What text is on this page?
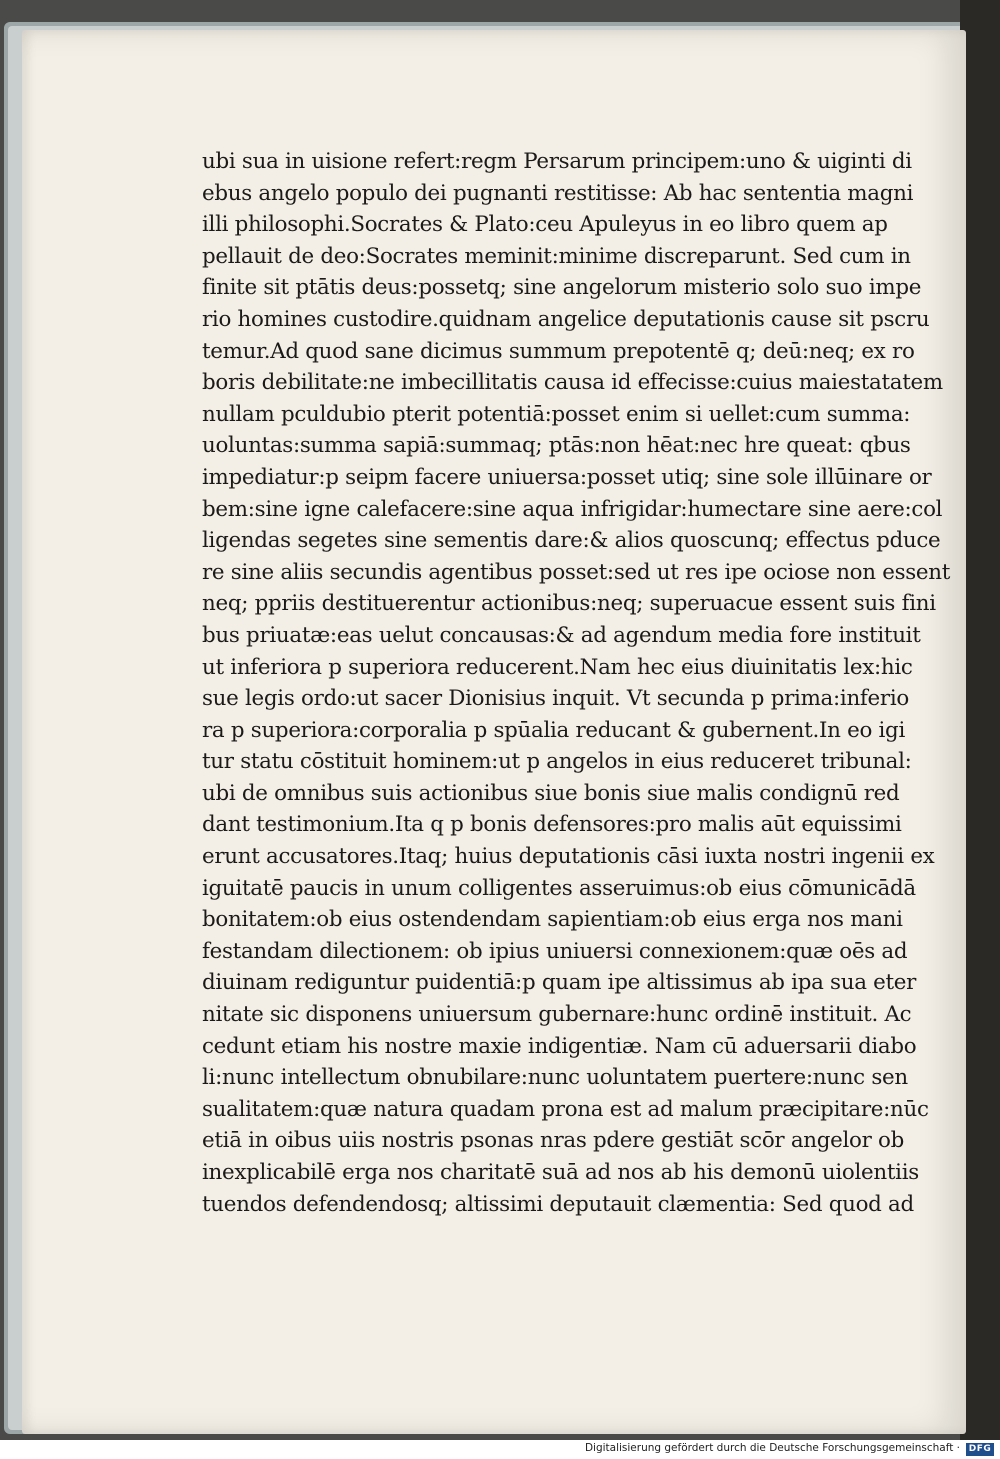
ubi sua in uisione refert:regm Persarum principem:uno & uiginti di
ebus angelo populo dei pugnanti restitisse: Ab hac sententia magni
illi philosophi.Socrates & Plato:ceu Apuleyus in eo libro quem ap
pellauit de deo:Socrates meminit:minime discreparunt. Sed cum in
finite sit ptātis deus:possetq; sine angelorum misterio solo suo impe
rio homines custodire.quidnam angelice deputationis cause sit pscru
temur.Ad quod sane dicimus summum prepotentē q; deū:neq; ex ro
boris debilitate:ne imbecillitatis causa id effecisse:cuius maiestatatem
nullam pculdubio pterit potentiā:posset enim si uellet:cum summa:
uoluntas:summa sapiā:summaq; ptās:non hēat:nec hre queat: qbus
impediatur:p seipm facere uniuersa:posset utiq; sine sole illūinare or
bem:sine igne calefacere:sine aqua infrigidar:humectare sine aere:col
ligendas segetes sine sementis dare:& alios quoscunq; effectus pduce
re sine aliis secundis agentibus posset:sed ut res ipe ociose non essent
neq; ppriis destituerentur actionibus:neq; superuacue essent suis fini
bus priuatæ:eas uelut concausas:& ad agendum media fore instituit
ut inferiora p superiora reducerent.Nam hec eius diuinitatis lex:hic
sue legis ordo:ut sacer Dionisius inquit. Vt secunda p prima:inferio
ra p superiora:corporalia p spūalia reducant & gubernent.In eo igi
tur statu cōstituit hominem:ut p angelos in eius reduceret tribunal:
ubi de omnibus suis actionibus siue bonis siue malis condignū red
dant testimonium.Ita q p bonis defensores:pro malis aūt equissimi
erunt accusatores.Itaq; huius deputationis cāsi iuxta nostri ingenii ex
iguitatē paucis in unum colligentes asseruimus:ob eius cōmunicādā
bonitatem:ob eius ostendendam sapientiam:ob eius erga nos mani
festandam dilectionem: ob ipius uniuersi connexionem:quæ oēs ad
diuinam rediguntur puidentiā:p quam ipe altissimus ab ipa sua eter
nitate sic disponens uniuersum gubernare:hunc ordinē instituit. Ac
cedunt etiam his nostre maxie indigentiæ. Nam cū aduersarii diabo
li:nunc intellectum obnubilare:nunc uoluntatem puertere:nunc sen
sualitatem:quæ natura quadam prona est ad malum præcipitare:nūc
etiā in oibus uiis nostris psonas nras pdere gestiāt scōr angelor ob
inexplicabilē erga nos charitatē suā ad nos ab his demonū uiolentiis
tuendos defendendosq; altissimi deputauit clæmentia: Sed quod ad
Digitalisierung gefördert durch die Deutsche Forschungsgemeinschaft · DFG
